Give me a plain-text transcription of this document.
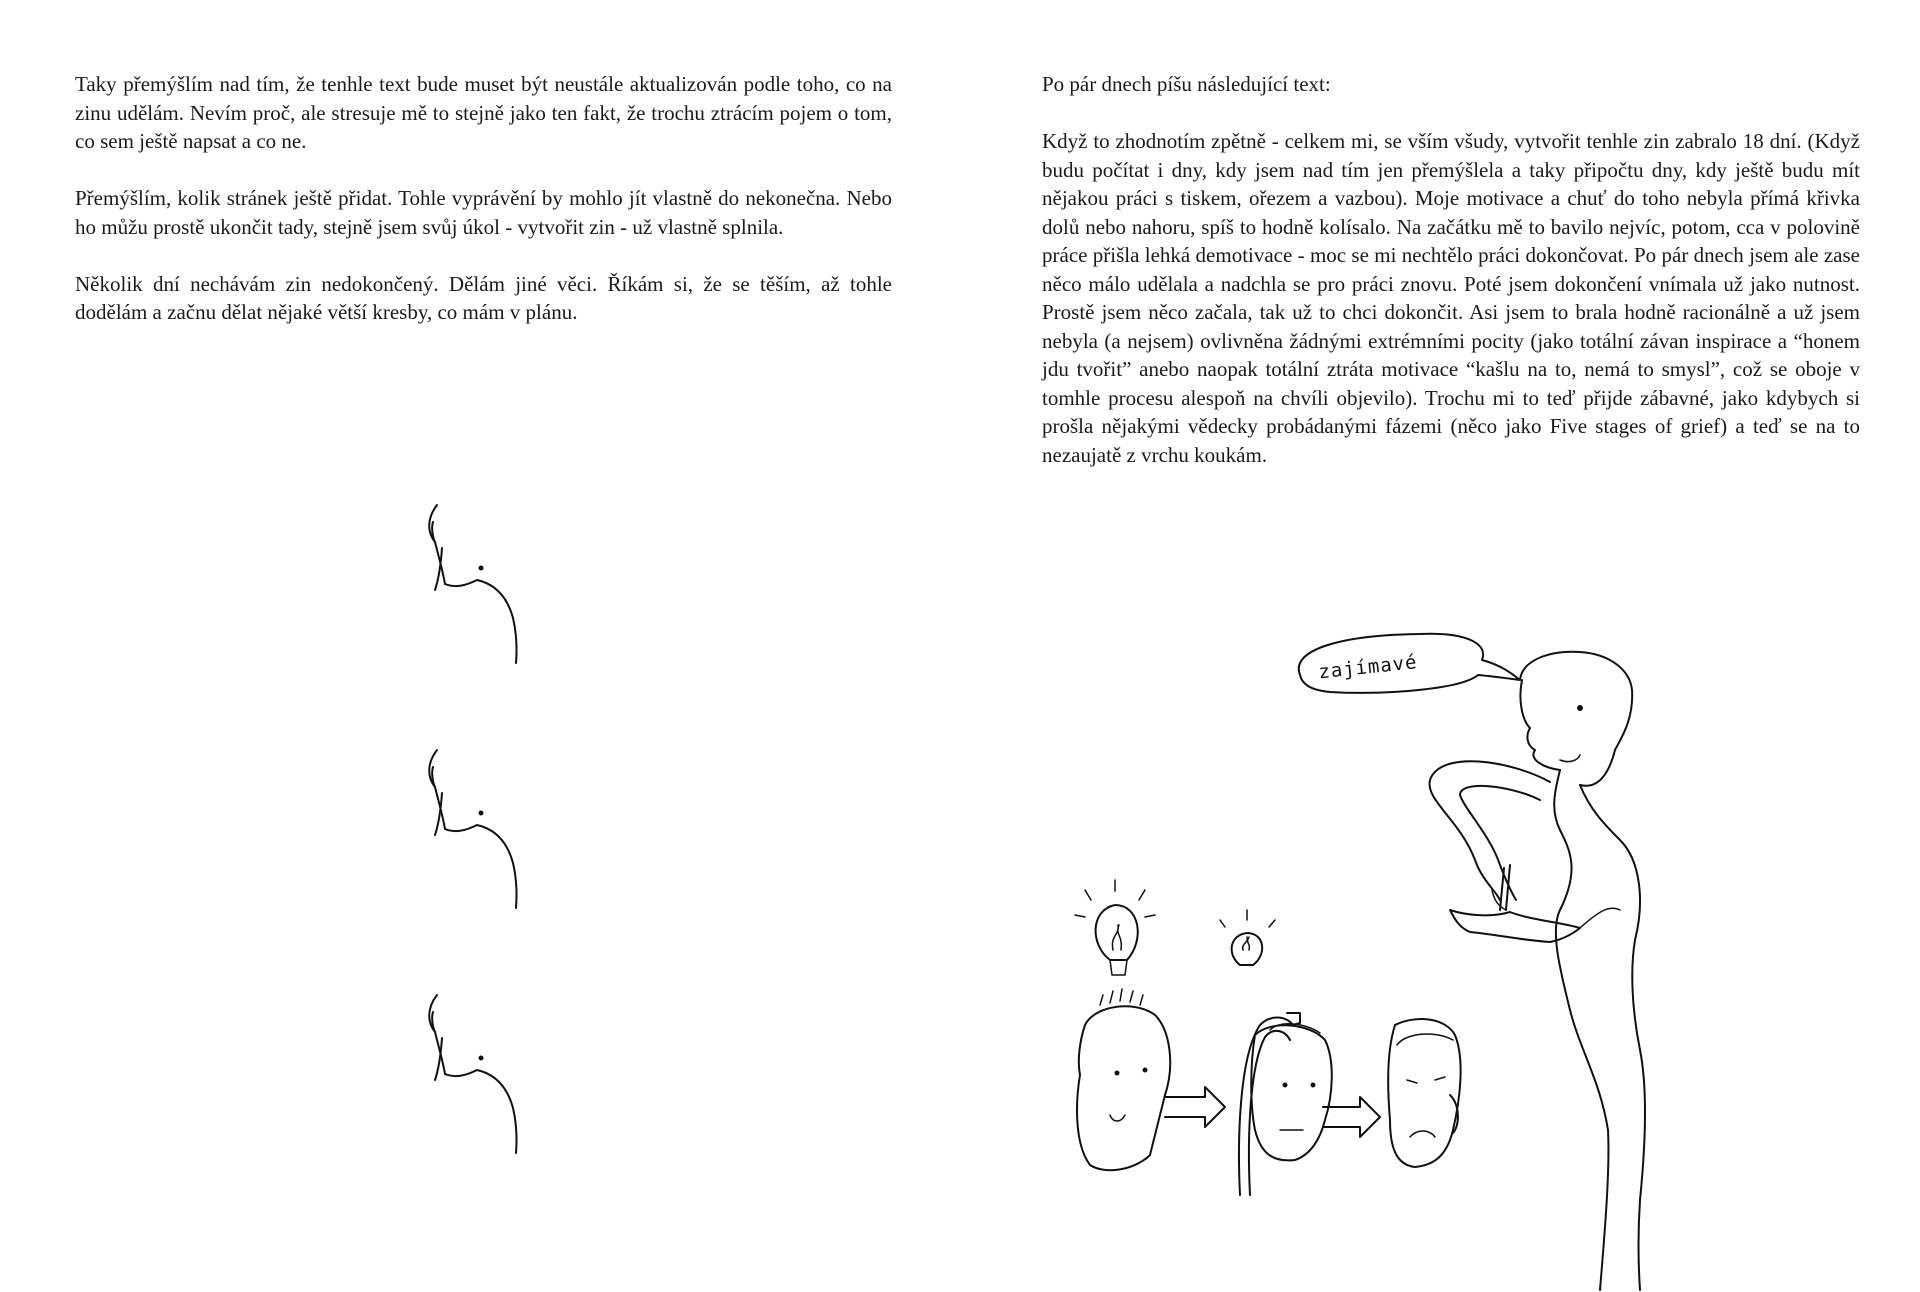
Taky přemýšlím nad tím, že tenhle text bude muset být neustále aktualizován podle toho, co na zinu udělám. Nevím proč, ale stresuje mě to stejně jako ten fakt, že trochu ztrácím pojem o tom, co sem ještě napsat a co ne.

Přemýšlím, kolik stránek ještě přidat. Tohle vyprávění by mohlo jít vlastně do nekonečna. Nebo ho můžu prostě ukončit tady, stejně jsem svůj úkol - vytvořit zin - už vlastně splnila.

Několik dní nechávám zin nedokončený. Dělám jiné věci. Říkám si, že se těším, až tohle dodělám a začnu dělat nějaké větší kresby, co mám v plánu.

Po pár dnech píšu následující text:

Když to zhodnotím zpětně - celkem mi, se vším všudy, vytvořit tenhle zin zabralo 18 dní. (Když budu počítat i dny, kdy jsem nad tím jen přemýšlela a taky připočtu dny, kdy ještě budu mít nějakou práci s tiskem, ořezem a vazbou). Moje motivace a chuť do toho nebyla přímá křivka dolů nebo nahoru, spíš to hodně kolísalo. Na začátku mě to bavilo nejvíc, potom, cca v polovině práce přišla lehká demotivace - moc se mi nechtělo práci dokončovat. Po pár dnech jsem ale zase něco málo udělala a nadchla se pro práci znovu. Poté jsem dokončení vnímala už jako nutnost. Prostě jsem něco začala, tak už to chci dokončit. Asi jsem to brala hodně racionálně a už jsem nebyla (a nejsem) ovlivněna žádnými extrémními pocity (jako totální závan inspirace a “honem jdu tvořit” anebo naopak totální ztráta motivace “kašlu na to, nemá to smysl”, což se oboje v tomhle procesu alespoň na chvíli objevilo). Trochu mi to teď přijde zábavné, jako kdybych si prošla nějakými vědecky probádanými fázemi (něco jako Five stages of grief) a teď se na to nezaujatě z vrchu koukám.

zajímavé
